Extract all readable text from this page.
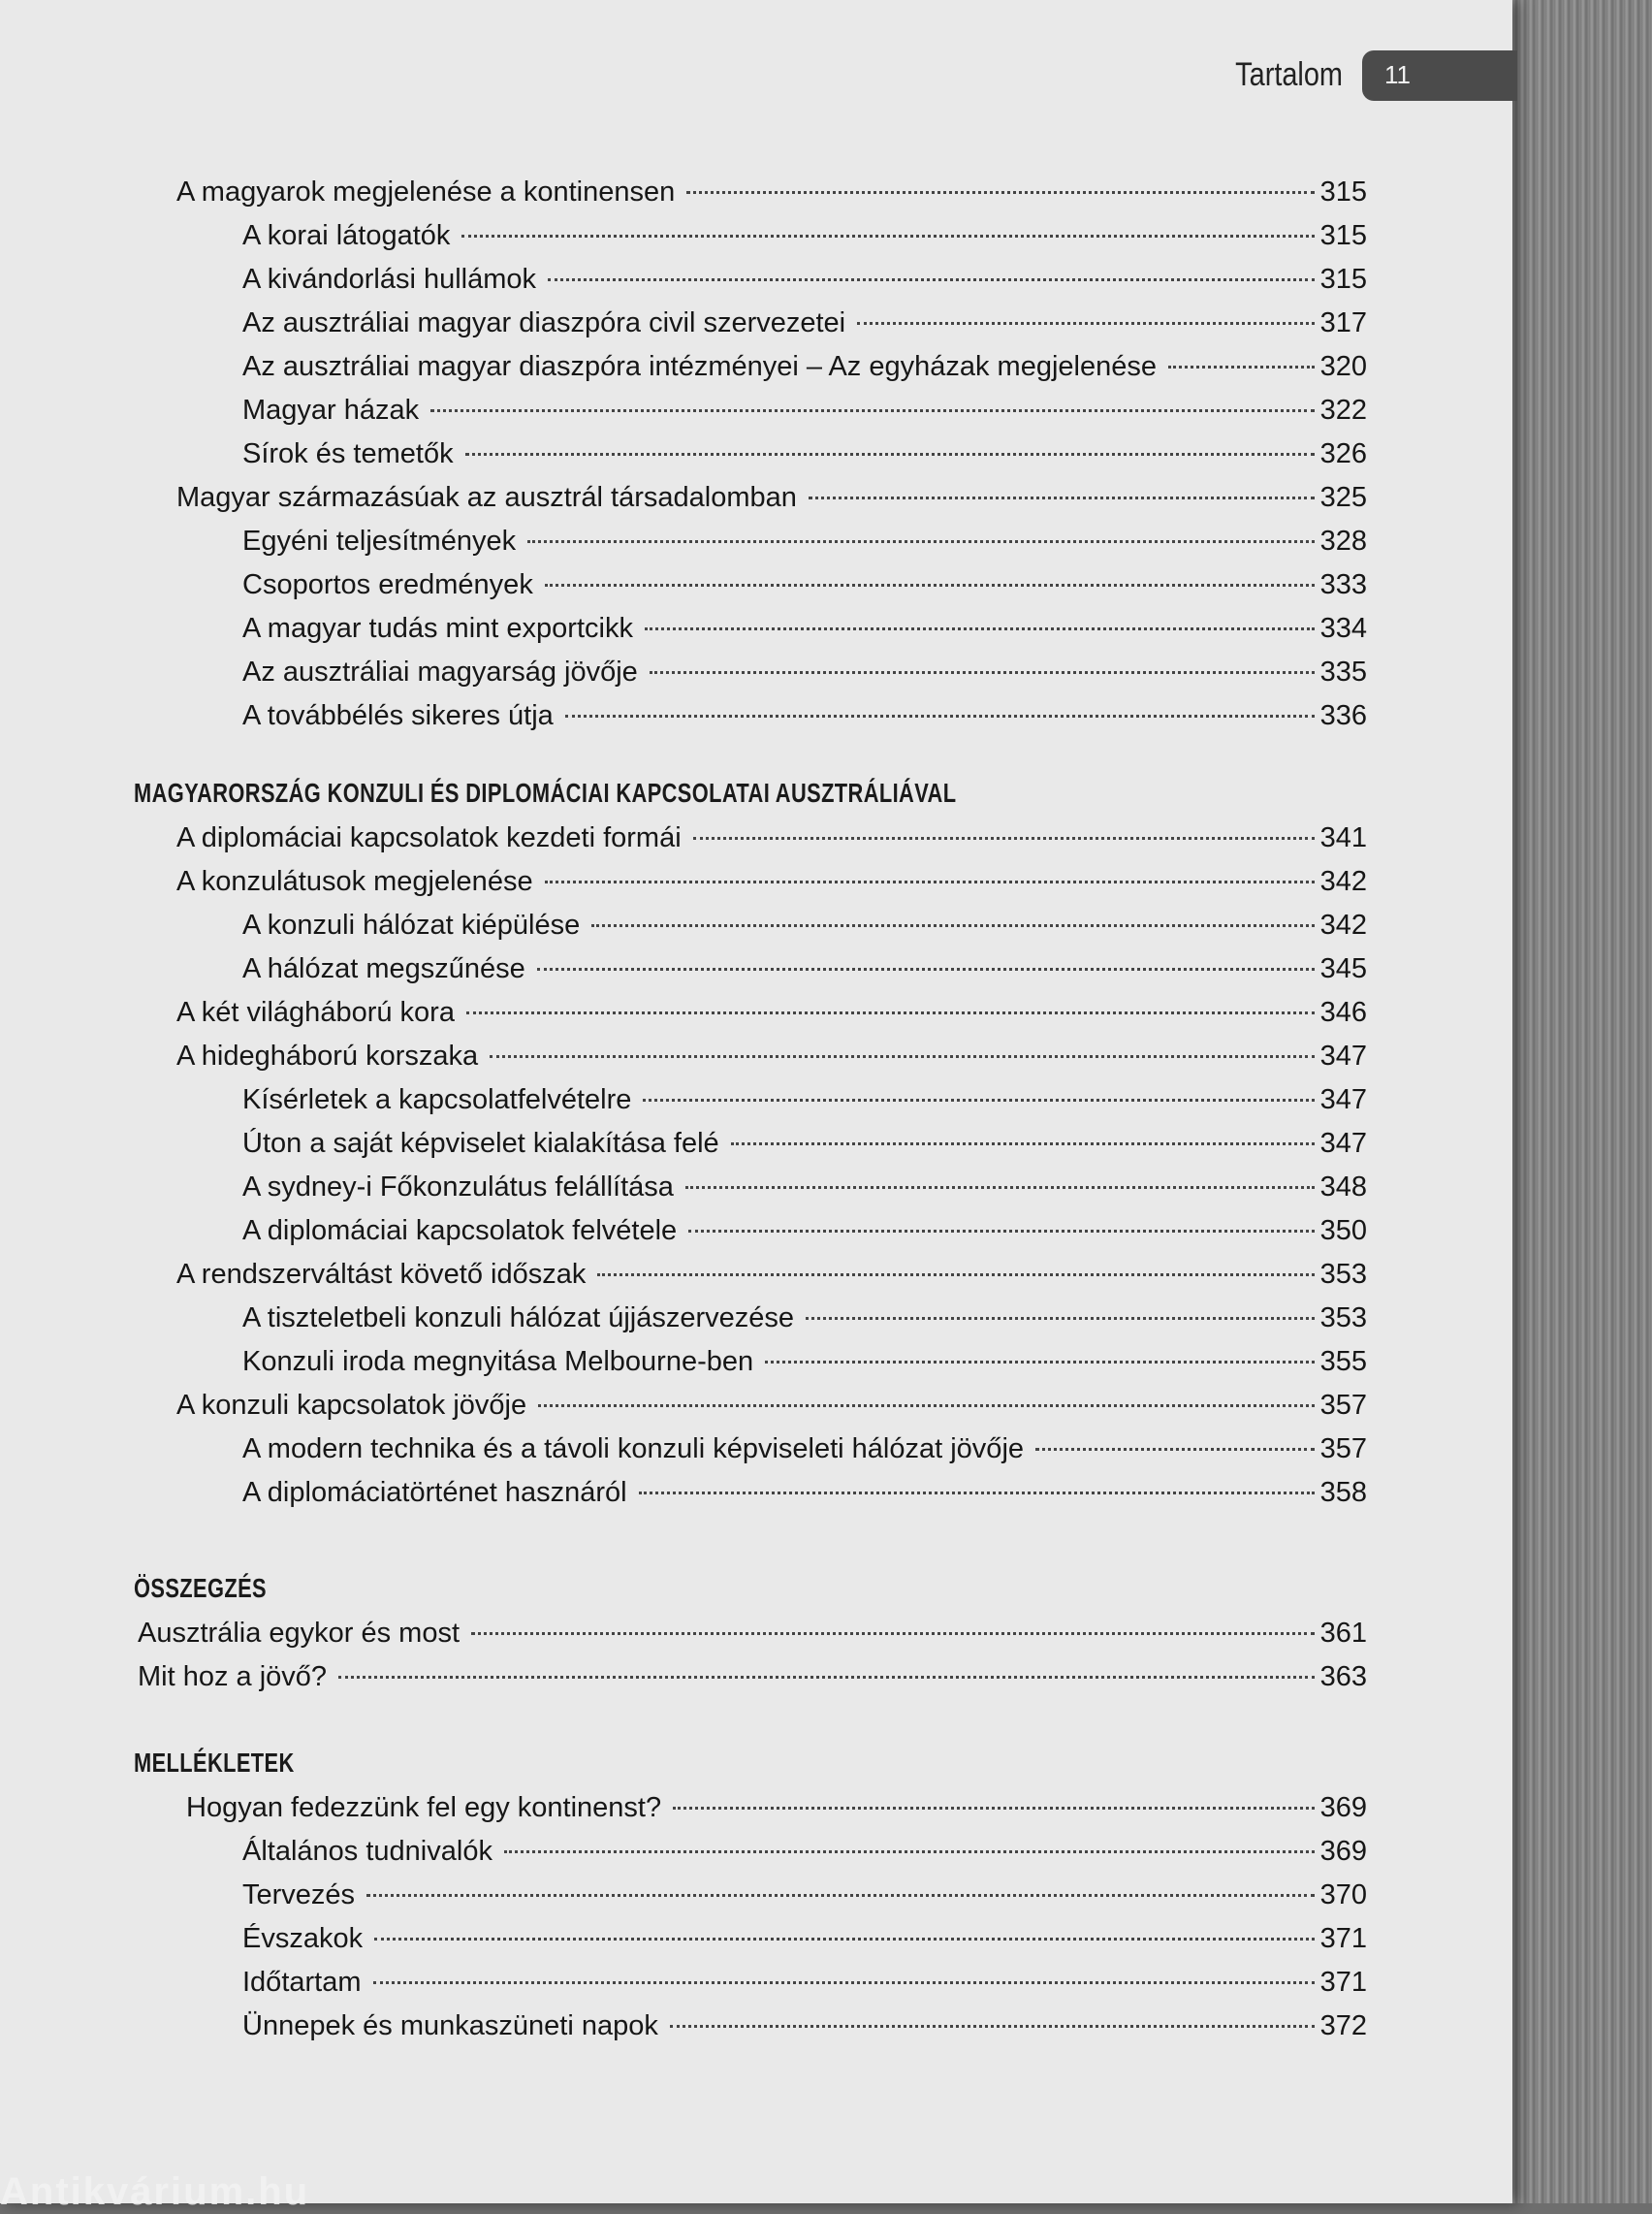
Tartalom 11
A magyarok megjelenése a kontinensen	315
A korai látogatók	315
A kivándorlási hullámok	315
Az ausztráliai magyar diaszpóra civil szervezetei	317
Az ausztráliai magyar diaszpóra intézményei – Az egyházak megjelenése	320
Magyar házak	322
Sírok és temetők	326
Magyar származásúak az ausztrál társadalomban	325
Egyéni teljesítmények	328
Csoportos eredmények	333
A magyar tudás mint exportcikk	334
Az ausztráliai magyarság jövője	335
A továbbélés sikeres útja	336
MAGYARORSZÁG KONZULI ÉS DIPLOMÁCIAI KAPCSOLATAI AUSZTRÁLIÁVAL
A diplomáciai kapcsolatok kezdeti formái	341
A konzulátusok megjelenése	342
A konzuli hálózat kiépülése	342
A hálózat megszűnése	345
A két világháború kora	346
A hidegháború korszaka	347
Kísérletek a kapcsolatfelvételre	347
Úton a saját képviselet kialakítása felé	347
A sydney-i Főkonzulátus felállítása	348
A diplomáciai kapcsolatok felvétele	350
A rendszerváltást követő időszak	353
A tiszteletbeli konzuli hálózat újjászervezése	353
Konzuli iroda megnyitása Melbourne-ben	355
A konzuli kapcsolatok jövője	357
A modern technika és a távoli konzuli képviseleti hálózat jövője	357
A diplomáciatörténet hasznáról	358
ÖSSZEGZÉS
Ausztrália egykor és most	361
Mit hoz a jövő?	363
MELLÉKLETEK
Hogyan fedezzünk fel egy kontinenst?	369
Általános tudnivalók	369
Tervezés	370
Évszakok	371
Időtartam	371
Ünnepek és munkaszüneti napok	372
Antikvárium.hu
